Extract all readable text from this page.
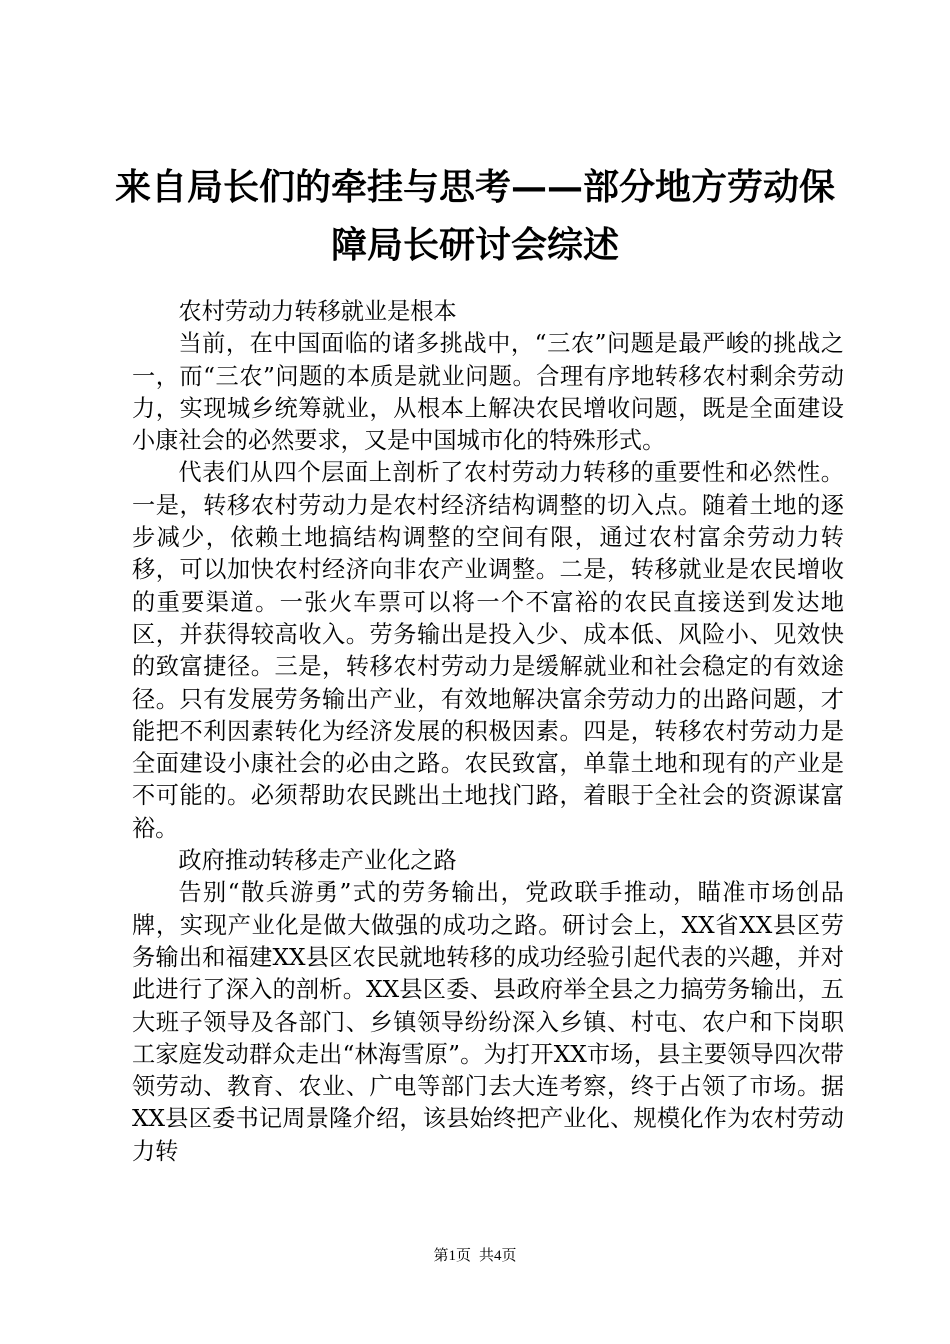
来自局长们的牵挂与思考——部分地方劳动保障局长研讨会综述

农村劳动力转移就业是根本

当前，在中国面临的诸多挑战中，“三农”问题是最严峻的挑战之一，而“三农”问题的本质是就业问题。合理有序地转移农村剩余劳动力，实现城乡统筹就业，从根本上解决农民增收问题，既是全面建设小康社会的必然要求，又是中国城市化的特殊形式。

代表们从四个层面上剖析了农村劳动力转移的重要性和必然性。一是，转移农村劳动力是农村经济结构调整的切入点。随着土地的逐步减少，依赖土地搞结构调整的空间有限，通过农村富余劳动力转移，可以加快农村经济向非农产业调整。二是，转移就业是农民增收的重要渠道。一张火车票可以将一个不富裕的农民直接送到发达地区，并获得较高收入。劳务输出是投入少、成本低、风险小、见效快的致富捷径。三是，转移农村劳动力是缓解就业和社会稳定的有效途径。只有发展劳务输出产业，有效地解决富余劳动力的出路问题，才能把不利因素转化为经济发展的积极因素。四是，转移农村劳动力是全面建设小康社会的必由之路。农民致富，单靠土地和现有的产业是不可能的。必须帮助农民跳出土地找门路，着眼于全社会的资源谋富裕。

政府推动转移走产业化之路

告别“散兵游勇”式的劳务输出，党政联手推动，瞄准市场创品牌，实现产业化是做大做强的成功之路。研讨会上，XX省XX县区劳务输出和福建XX县区农民就地转移的成功经验引起代表的兴趣，并对此进行了深入的剖析。XX县区委、县政府举全县之力搞劳务输出，五大班子领导及各部门、乡镇领导纷纷深入乡镇、村屯、农户和下岗职工家庭发动群众走出“林海雪原”。为打开XX市场，县主要领导四次带领劳动、教育、农业、广电等部门去大连考察，终于占领了市场。据XX县区委书记周景隆介绍，该县始终把产业化、规模化作为农村劳动力转

第1页 共4页
